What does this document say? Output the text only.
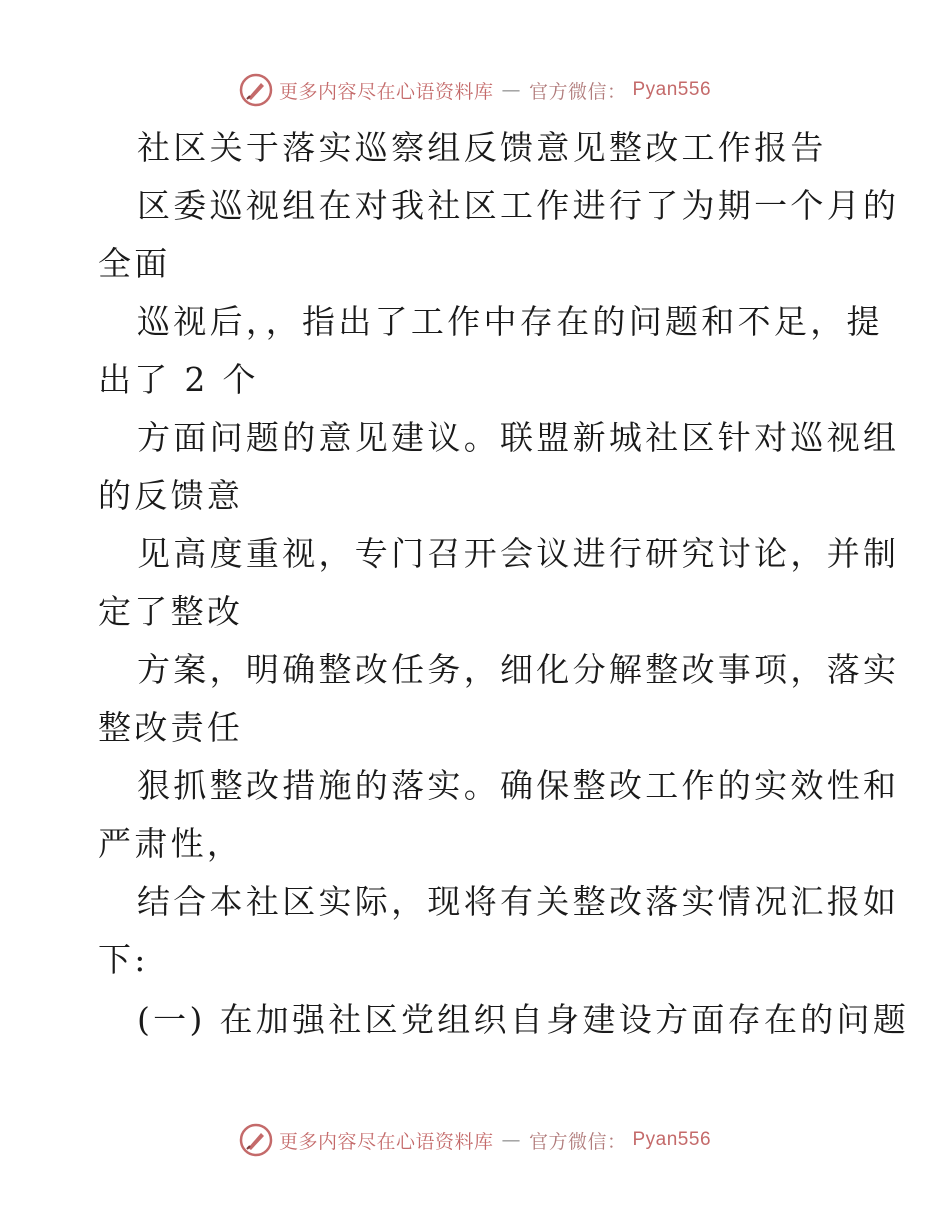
更多内容尽在心语资料库 — 官方微信： Pyan556
社区关于落实巡察组反馈意见整改工作报告
区委巡视组在对我社区工作进行了为期一个月的
全面
巡视后，，指出了工作中存在的问题和不足，提
出了 2 个
方面问题的意见建议。联盟新城社区针对巡视组
的反馈意
见高度重视，专门召开会议进行研究讨论，并制
定了整改
方案，明确整改任务，细化分解整改事项，落实
整改责任
狠抓整改措施的落实。确保整改工作的实效性和
严肃性，
结合本社区实际，现将有关整改落实情况汇报如
下:
(一) 在加强社区党组织自身建设方面存在的问题
更多内容尽在心语资料库 — 官方微信： Pyan556
